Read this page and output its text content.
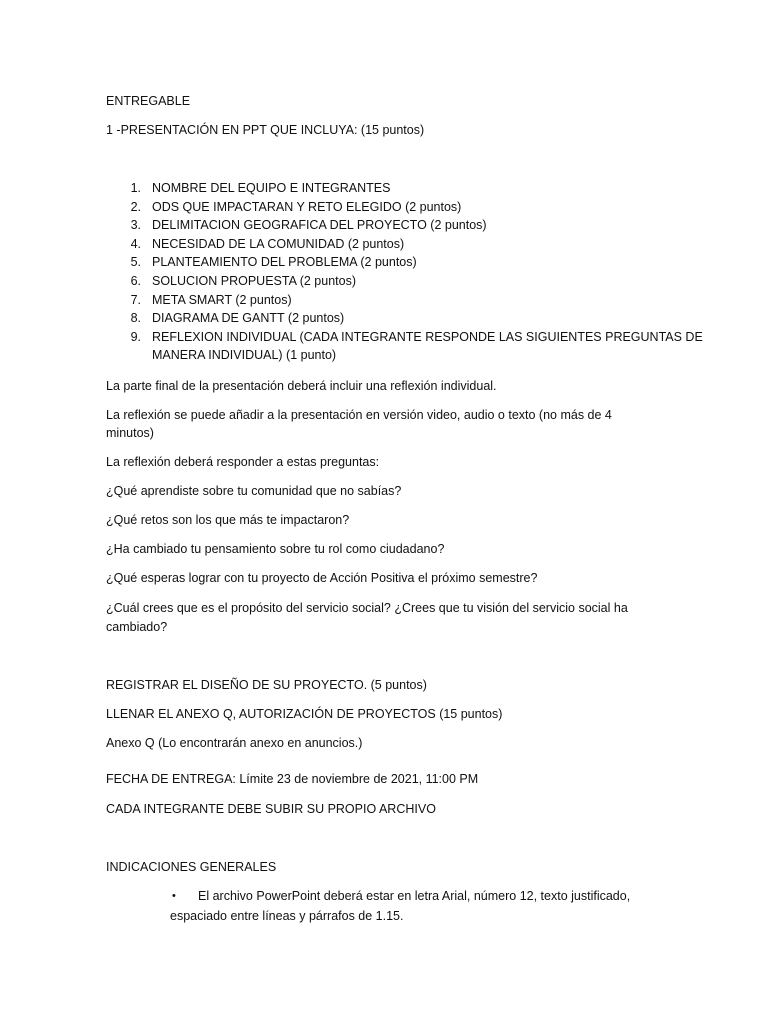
ENTREGABLE
1 -PRESENTACIÓN EN PPT QUE INCLUYA: (15 puntos)
1. NOMBRE DEL EQUIPO E INTEGRANTES
2. ODS QUE IMPACTARAN Y RETO ELEGIDO (2 puntos)
3. DELIMITACION GEOGRAFICA DEL PROYECTO (2 puntos)
4. NECESIDAD DE LA COMUNIDAD (2 puntos)
5. PLANTEAMIENTO DEL PROBLEMA (2 puntos)
6. SOLUCION PROPUESTA (2 puntos)
7. META SMART (2 puntos)
8. DIAGRAMA DE GANTT (2 puntos)
9. REFLEXION INDIVIDUAL (CADA INTEGRANTE RESPONDE LAS SIGUIENTES PREGUNTAS DE
MANERA INDIVIDUAL) (1 punto)
La parte final de la presentación deberá incluir una reflexión individual.
La reflexión se puede añadir a la presentación en versión video, audio o texto (no más de 4
minutos)
La reflexión deberá responder a estas preguntas:
¿Qué aprendiste sobre tu comunidad que no sabías?
¿Qué retos son los que más te impactaron?
¿Ha cambiado tu pensamiento sobre tu rol como ciudadano?
¿Qué esperas lograr con tu proyecto de Acción Positiva el próximo semestre?
¿Cuál crees que es el propósito del servicio social? ¿Crees que tu visión del servicio social ha
cambiado?
REGISTRAR EL DISEÑO DE SU PROYECTO. (5 puntos)
LLENAR EL ANEXO Q, AUTORIZACIÓN DE PROYECTOS (15 puntos)
Anexo Q (Lo encontrarán anexo en anuncios.)
FECHA DE ENTREGA: Límite 23 de noviembre de 2021, 11:00 PM
CADA INTEGRANTE DEBE SUBIR SU PROPIO ARCHIVO
INDICACIONES GENERALES
• El archivo PowerPoint deberá estar en letra Arial, número 12, texto justificado,
espaciado entre líneas y párrafos de 1.15.
